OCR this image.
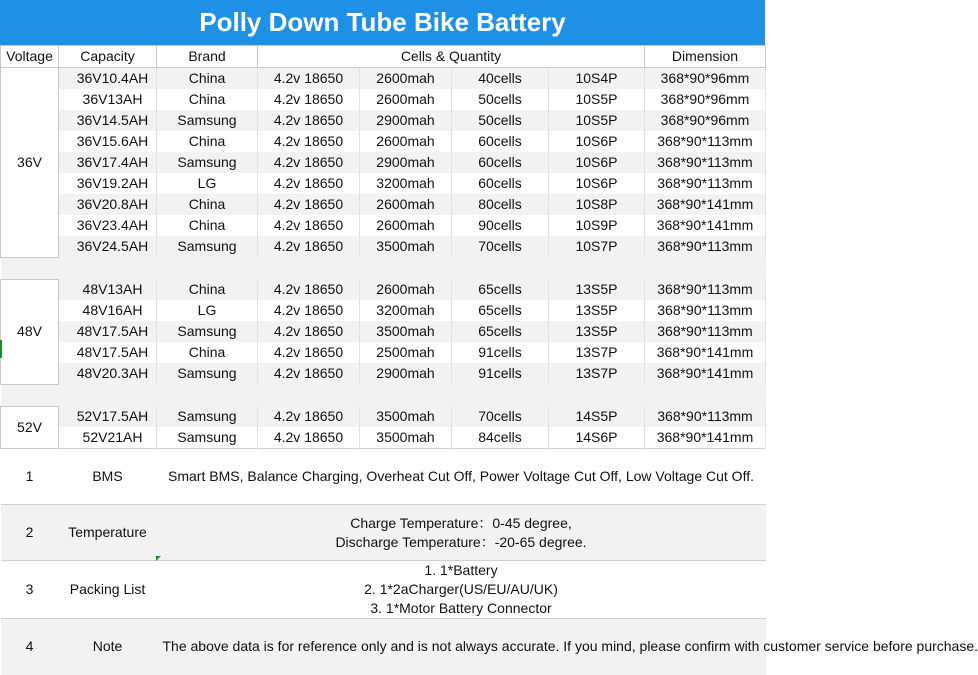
Polly Down Tube Bike Battery
Voltage	Capacity	Brand	Cells & Quantity				Dimension
36V	36V10.4AH	China	4.2v 18650	2600mah	40cells	10S4P	368*90*96mm
	36V13AH	China	4.2v 18650	2600mah	50cells	10S5P	368*90*96mm
	36V14.5AH	Samsung	4.2v 18650	2900mah	50cells	10S5P	368*90*96mm
	36V15.6AH	China	4.2v 18650	2600mah	60cells	10S6P	368*90*113mm
	36V17.4AH	Samsung	4.2v 18650	2900mah	60cells	10S6P	368*90*113mm
	36V19.2AH	LG	4.2v 18650	3200mah	60cells	10S6P	368*90*113mm
	36V20.8AH	China	4.2v 18650	2600mah	80cells	10S8P	368*90*141mm
	36V23.4AH	China	4.2v 18650	2600mah	90cells	10S9P	368*90*141mm
	36V24.5AH	Samsung	4.2v 18650	3500mah	70cells	10S7P	368*90*113mm

48V	48V13AH	China	4.2v 18650	2600mah	65cells	13S5P	368*90*113mm
	48V16AH	LG	4.2v 18650	3200mah	65cells	13S5P	368*90*113mm
	48V17.5AH	Samsung	4.2v 18650	3500mah	65cells	13S5P	368*90*113mm
	48V17.5AH	China	4.2v 18650	2500mah	91cells	13S7P	368*90*141mm
	48V20.3AH	Samsung	4.2v 18650	2900mah	91cells	13S7P	368*90*141mm

52V	52V17.5AH	Samsung	4.2v 18650	3500mah	70cells	14S5P	368*90*113mm
	52V21AH	Samsung	4.2v 18650	3500mah	84cells	14S6P	368*90*141mm
1	BMS	Smart BMS, Balance Charging, Overheat Cut Off, Power Voltage Cut Off, Low Voltage Cut Off.					

2	Temperature	Charge Temperature：0-45 degree,
Discharge Temperature：-20-65 degree.					

3	Packing List	1. 1*Battery
2. 1*2aCharger(US/EU/AU/UK)
3. 1*Motor Battery Connector					

4	Note	The above data is for reference only and is not always accurate. If you mind, please confirm with customer service before purchase.					
